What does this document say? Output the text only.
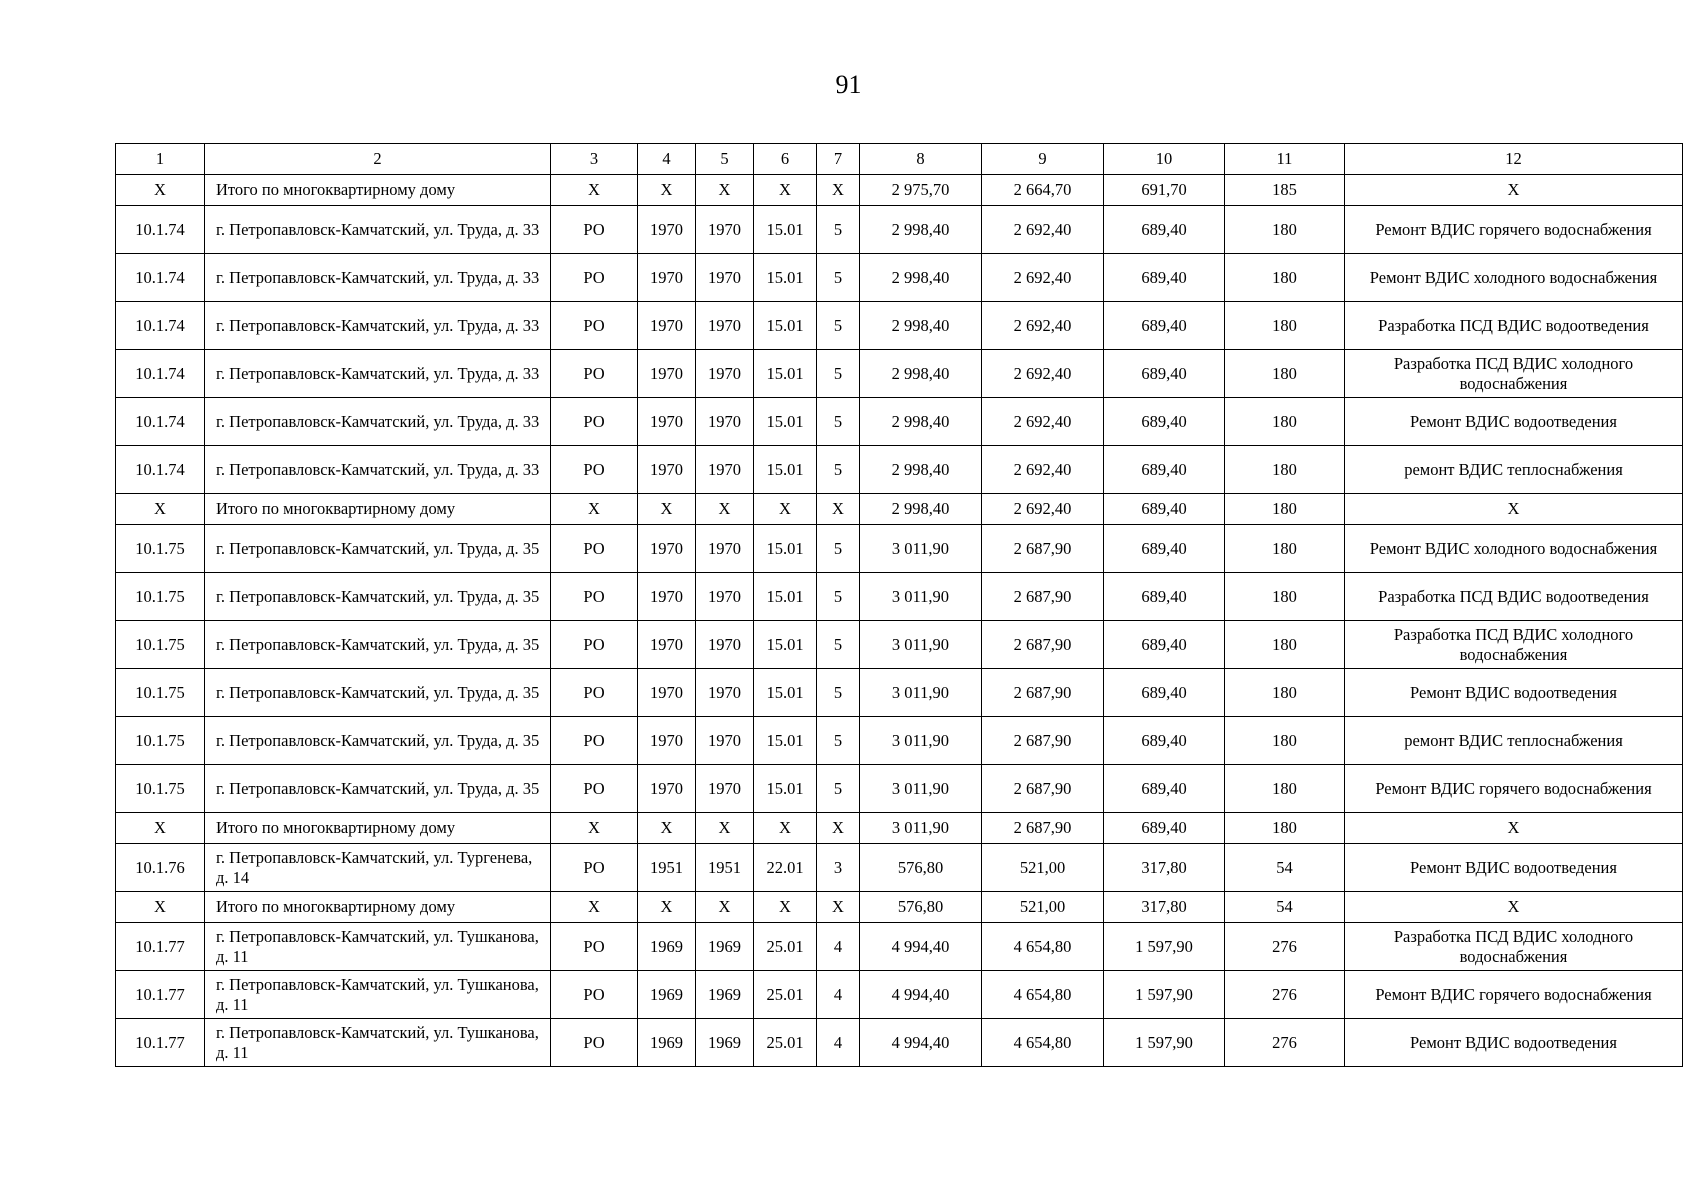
91
1	2	3	4	5	6	7	8	9	10	11	12
X	Итого по многоквартирному дому	X	X	X	X	X	2 975,70	2 664,70	691,70	185	X
10.1.74	г. Петропавловск-Камчатский, ул. Труда, д. 33	РО	1970	1970	15.01	5	2 998,40	2 692,40	689,40	180	Ремонт ВДИС горячего водоснабжения
10.1.74	г. Петропавловск-Камчатский, ул. Труда, д. 33	РО	1970	1970	15.01	5	2 998,40	2 692,40	689,40	180	Ремонт ВДИС холодного водоснабжения
10.1.74	г. Петропавловск-Камчатский, ул. Труда, д. 33	РО	1970	1970	15.01	5	2 998,40	2 692,40	689,40	180	Разработка ПСД ВДИС водоотведения
10.1.74	г. Петропавловск-Камчатский, ул. Труда, д. 33	РО	1970	1970	15.01	5	2 998,40	2 692,40	689,40	180	Разработка ПСД ВДИС холодного водоснабжения
10.1.74	г. Петропавловск-Камчатский, ул. Труда, д. 33	РО	1970	1970	15.01	5	2 998,40	2 692,40	689,40	180	Ремонт ВДИС водоотведения
10.1.74	г. Петропавловск-Камчатский, ул. Труда, д. 33	РО	1970	1970	15.01	5	2 998,40	2 692,40	689,40	180	ремонт ВДИС теплоснабжения
X	Итого по многоквартирному дому	X	X	X	X	X	2 998,40	2 692,40	689,40	180	X
10.1.75	г. Петропавловск-Камчатский, ул. Труда, д. 35	РО	1970	1970	15.01	5	3 011,90	2 687,90	689,40	180	Ремонт ВДИС холодного водоснабжения
10.1.75	г. Петропавловск-Камчатский, ул. Труда, д. 35	РО	1970	1970	15.01	5	3 011,90	2 687,90	689,40	180	Разработка ПСД ВДИС водоотведения
10.1.75	г. Петропавловск-Камчатский, ул. Труда, д. 35	РО	1970	1970	15.01	5	3 011,90	2 687,90	689,40	180	Разработка ПСД ВДИС холодного водоснабжения
10.1.75	г. Петропавловск-Камчатский, ул. Труда, д. 35	РО	1970	1970	15.01	5	3 011,90	2 687,90	689,40	180	Ремонт ВДИС водоотведения
10.1.75	г. Петропавловск-Камчатский, ул. Труда, д. 35	РО	1970	1970	15.01	5	3 011,90	2 687,90	689,40	180	ремонт ВДИС теплоснабжения
10.1.75	г. Петропавловск-Камчатский, ул. Труда, д. 35	РО	1970	1970	15.01	5	3 011,90	2 687,90	689,40	180	Ремонт ВДИС горячего водоснабжения
X	Итого по многоквартирному дому	X	X	X	X	X	3 011,90	2 687,90	689,40	180	X
10.1.76	г. Петропавловск-Камчатский, ул. Тургенева, д. 14	РО	1951	1951	22.01	3	576,80	521,00	317,80	54	Ремонт ВДИС водоотведения
X	Итого по многоквартирному дому	X	X	X	X	X	576,80	521,00	317,80	54	X
10.1.77	г. Петропавловск-Камчатский, ул. Тушканова, д. 11	РО	1969	1969	25.01	4	4 994,40	4 654,80	1 597,90	276	Разработка ПСД ВДИС холодного водоснабжения
10.1.77	г. Петропавловск-Камчатский, ул. Тушканова, д. 11	РО	1969	1969	25.01	4	4 994,40	4 654,80	1 597,90	276	Ремонт ВДИС горячего водоснабжения
10.1.77	г. Петропавловск-Камчатский, ул. Тушканова, д. 11	РО	1969	1969	25.01	4	4 994,40	4 654,80	1 597,90	276	Ремонт ВДИС водоотведения
